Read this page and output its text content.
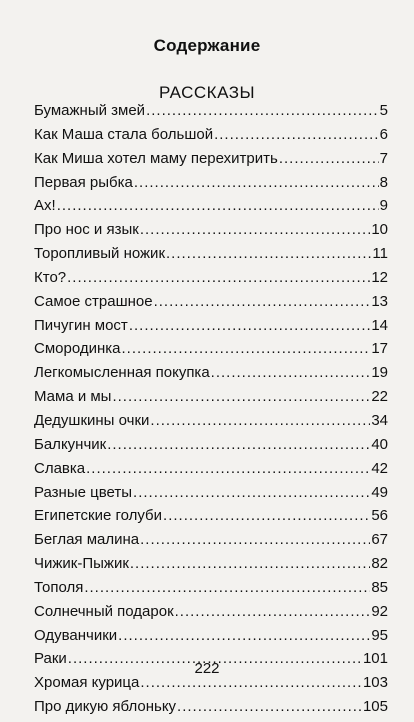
Содержание
РАССКАЗЫ
Бумажный змей .....	5
Как Маша стала большой .....	6
Как Миша хотел маму перехитрить .....	7
Первая рыбка .....	8
Ах! .....	9
Про нос и язык .....	10
Торопливый ножик .....	11
Кто? .....	12
Самое страшное .....	13
Пичугин мост .....	14
Смородинка .....	17
Легкомысленная покупка .....	19
Мама и мы .....	22
Дедушкины очки .....	34
Балкунчик .....	40
Славка .....	42
Разные цветы .....	49
Египетские голуби .....	56
Беглая малина .....	67
Чижик-Пыжик .....	82
Тополя .....	85
Солнечный подарок .....	92
Одуванчики .....	95
Раки .....	101
Хромая курица .....	103
Про дикую яблоньку .....	105
222
